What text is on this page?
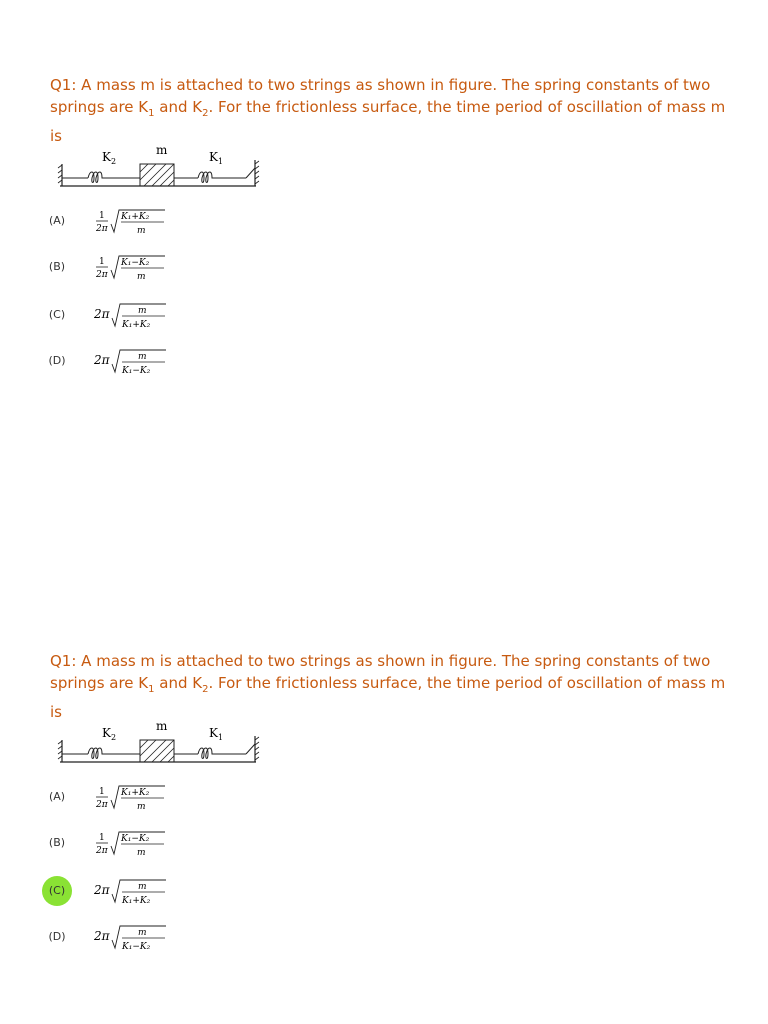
Q1: A mass m is attached to two strings as shown in figure. The spring constants of two springs are $K_1$ and $K_2$. For the frictionless surface, the time period of oscillation of mass m is

$K_2$
m	$K_1$
(A)	1
2π
K₁+K₂
m
(B)	1
2π
K₁−K₂
m
(C)	2π	m
K₁+K₂
(D)	2π	m
K₁−K₂

Q1: A mass m is attached to two strings as shown in figure. The spring constants of two springs are $K_1$ and $K_2$. For the frictionless surface, the time period of oscillation of mass m is

$K_2$
m	$K_1$
(A)	1
2π
K₁+K₂
m
(B)	1
2π
K₁−K₂
m
(C)	2π	m
K₁+K₂
(D)	2π	m
K₁−K₂
